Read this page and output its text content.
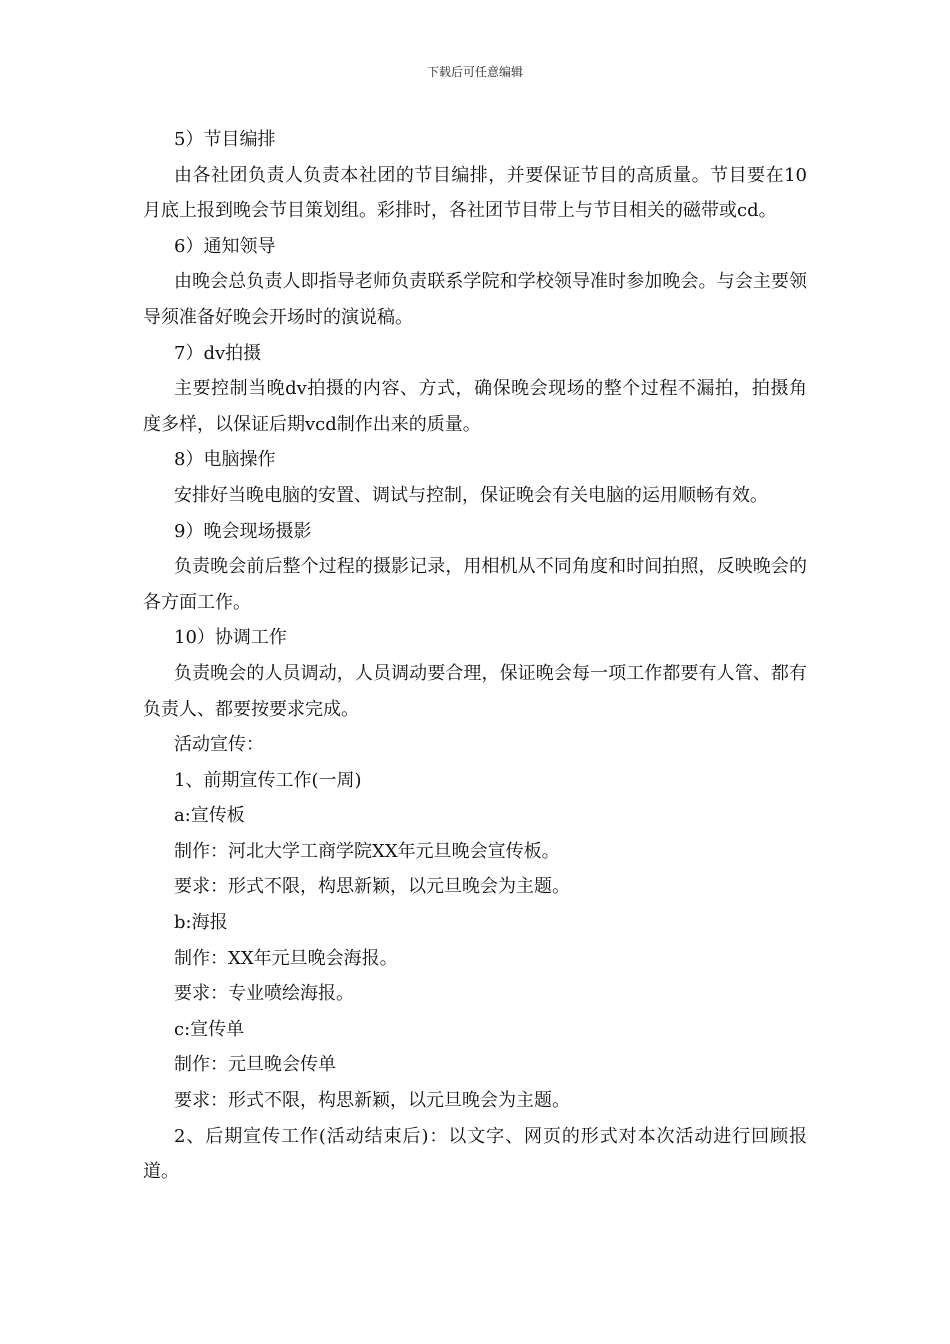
下载后可任意编辑

5）节目编排

由各社团负责人负责本社团的节目编排，并要保证节目的高质量。节目要在10月底上报到晚会节目策划组。彩排时，各社团节目带上与节目相关的磁带或cd。

6）通知领导

由晚会总负责人即指导老师负责联系学院和学校领导准时参加晚会。与会主要领导须准备好晚会开场时的演说稿。

7）dv拍摄

主要控制当晚dv拍摄的内容、方式，确保晚会现场的整个过程不漏拍，拍摄角度多样，以保证后期vcd制作出来的质量。

8）电脑操作

安排好当晚电脑的安置、调试与控制，保证晚会有关电脑的运用顺畅有效。

9）晚会现场摄影

负责晚会前后整个过程的摄影记录，用相机从不同角度和时间拍照，反映晚会的各方面工作。

10）协调工作

负责晚会的人员调动，人员调动要合理，保证晚会每一项工作都要有人管、都有负责人、都要按要求完成。

活动宣传：

1、前期宣传工作(一周)

a:宣传板

制作：河北大学工商学院XX年元旦晚会宣传板。

要求：形式不限，构思新颖，以元旦晚会为主题。

b:海报

制作：XX年元旦晚会海报。

要求：专业喷绘海报。

c:宣传单

制作：元旦晚会传单

要求：形式不限，构思新颖，以元旦晚会为主题。

2、后期宣传工作(活动结束后)：以文字、网页的形式对本次活动进行回顾报道。
